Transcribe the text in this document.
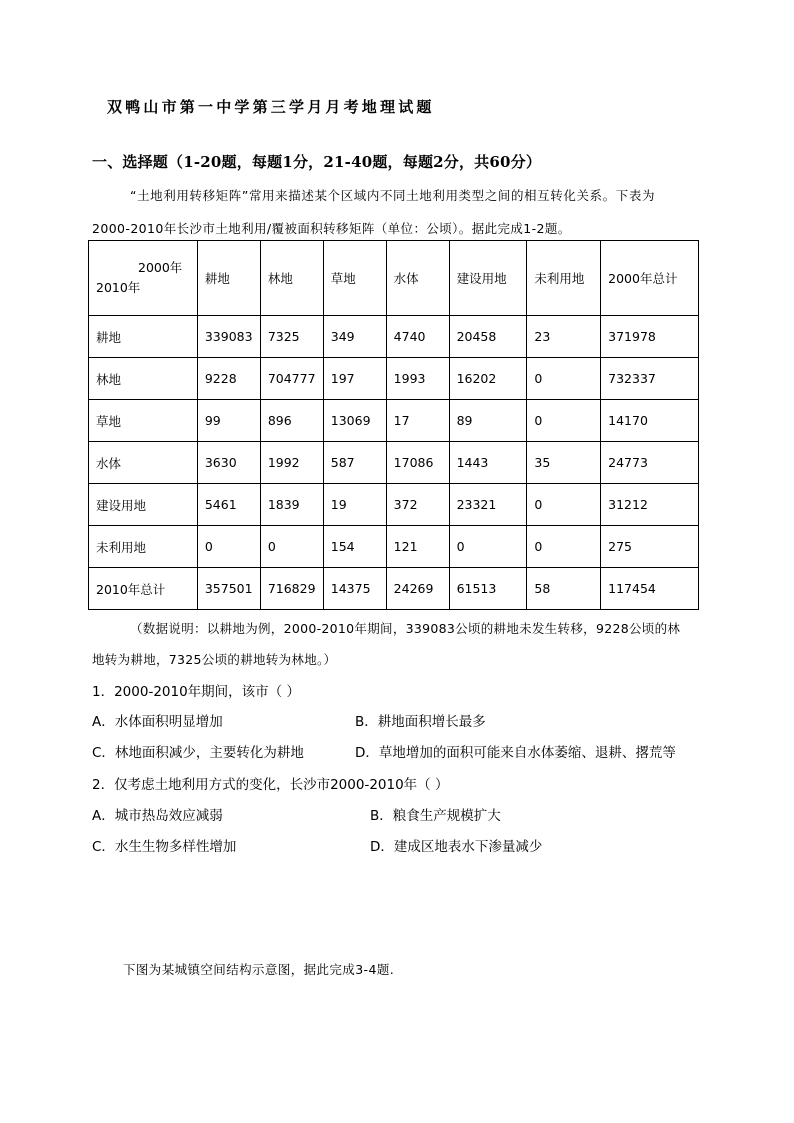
双鸭山市第一中学第三学月月考地理试题
一、选择题（1-20题，每题1分，21-40题，每题2分，共60分）
“土地利用转移矩阵”常用来描述某个区域内不同土地利用类型之间的相互转化关系。下表为
2000-2010年长沙市土地利用/覆被面积转移矩阵（单位：公顷）。据此完成1-2题。
2000年
2010年	耕地	林地	草地	水体	建设用地	未利用地	2000年总计
耕地	339083	7325	349	4740	20458	23	371978
林地	9228	704777	197	1993	16202	0	732337
草地	99	896	13069	17	89	0	14170
水体	3630	1992	587	17086	1443	35	24773
建设用地	5461	1839	19	372	23321	0	31212
未利用地	0	0	154	121	0	0	275
2010年总计	357501	716829	14375	24269	61513	58	117454
（数据说明：以耕地为例，2000-2010年期间，339083公顷的耕地未发生转移，9228公顷的林
地转为耕地，7325公顷的耕地转为林地。）
1．2000-2010年期间，该市（ ）
A．水体面积明显增加	B．耕地面积增长最多
C．林地面积减少，主要转化为耕地	D．草地增加的面积可能来自水体萎缩、退耕、撂荒等
2．仅考虑土地利用方式的变化，长沙市2000-2010年（ ）
A．城市热岛效应减弱	B．粮食生产规模扩大
C．水生生物多样性增加	D．建成区地表水下渗量减少
下图为某城镇空间结构示意图，据此完成3-4题.
